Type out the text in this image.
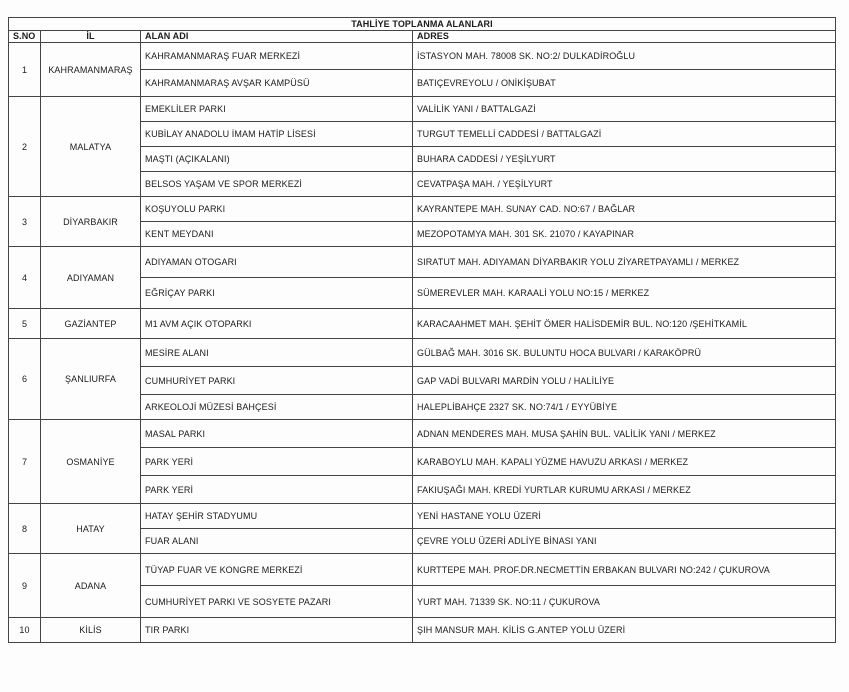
TAHLİYE TOPLANMA ALANLARI			
S.NO	İL	ALAN ADI	ADRES
1	KAHRAMANMARAŞ	KAHRAMANMARAŞ FUAR MERKEZİ	İSTASYON MAH. 78008 SK. NO:2/ DULKADİROĞLU
		KAHRAMANMARAŞ AVŞAR KAMPÜSÜ	BATIÇEVREYOLU / ONİKİŞUBAT
2	MALATYA	EMEKLİLER PARKI	VALİLİK YANI / BATTALGAZİ
		KUBİLAY ANADOLU İMAM HATİP LİSESİ	TURGUT TEMELLİ CADDESİ / BATTALGAZİ
		MAŞTI (AÇIKALANI)	BUHARA CADDESİ / YEŞİLYURT
		BELSOS YAŞAM VE SPOR MERKEZİ	CEVATPAŞA MAH. / YEŞİLYURT
3	DİYARBAKIR	KOŞUYOLU PARKI	KAYRANTEPE MAH. SUNAY CAD. NO:67 / BAĞLAR
		KENT MEYDANI	MEZOPOTAMYA MAH. 301 SK. 21070 / KAYAPINAR
4	ADIYAMAN	ADIYAMAN OTOGARI	SIRATUT MAH. ADIYAMAN DİYARBAKIR YOLU ZİYARETPAYAMLI / MERKEZ
		EĞRİÇAY PARKI	SÜMEREVLER MAH. KARAALİ YOLU NO:15 / MERKEZ
5	GAZİANTEP	M1 AVM AÇIK OTOPARKI	KARACAAHMET MAH. ŞEHİT ÖMER HALİSDEMİR BUL. NO:120 /ŞEHİTKAMİL
6	ŞANLIURFA	MESİRE ALANI	GÜLBAĞ MAH. 3016 SK. BULUNTU HOCA BULVARI / KARAKÖPRÜ
		CUMHURİYET PARKI	GAP VADİ BULVARI MARDİN YOLU / HALİLİYE
		ARKEOLOJİ MÜZESİ BAHÇESİ	HALEPLİBAHÇE 2327 SK. NO:74/1 / EYYÜBİYE
7	OSMANİYE	MASAL PARKI	ADNAN MENDERES MAH. MUSA ŞAHİN BUL. VALİLİK YANI / MERKEZ
		PARK YERİ	KARABOYLU MAH. KAPALI YÜZME HAVUZU ARKASI / MERKEZ
		PARK YERİ	FAKIUŞAĞI MAH. KREDİ YURTLAR KURUMU ARKASI / MERKEZ
8	HATAY	HATAY ŞEHİR STADYUMU	YENİ HASTANE YOLU ÜZERİ
		FUAR ALANI	ÇEVRE YOLU ÜZERİ ADLİYE BİNASI YANI
9	ADANA	TÜYAP FUAR VE KONGRE MERKEZİ	KURTTEPE MAH. PROF.DR.NECMETTİN ERBAKAN BULVARI NO:242 / ÇUKUROVA
		CUMHURİYET PARKI VE SOSYETE PAZARI	YURT MAH. 71339 SK. NO:11 / ÇUKUROVA
10	KİLİS	TIR PARKI	ŞIH MANSUR MAH. KİLİS G.ANTEP YOLU ÜZERİ
